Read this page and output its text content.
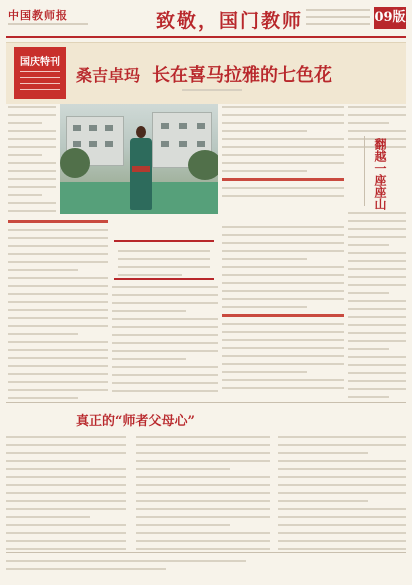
中国教师报	致敬，国门教师	09版
国庆特刊
桑吉卓玛 长在喜马拉雅的七色花
翻越一座座山
真正的“师者父母心”
